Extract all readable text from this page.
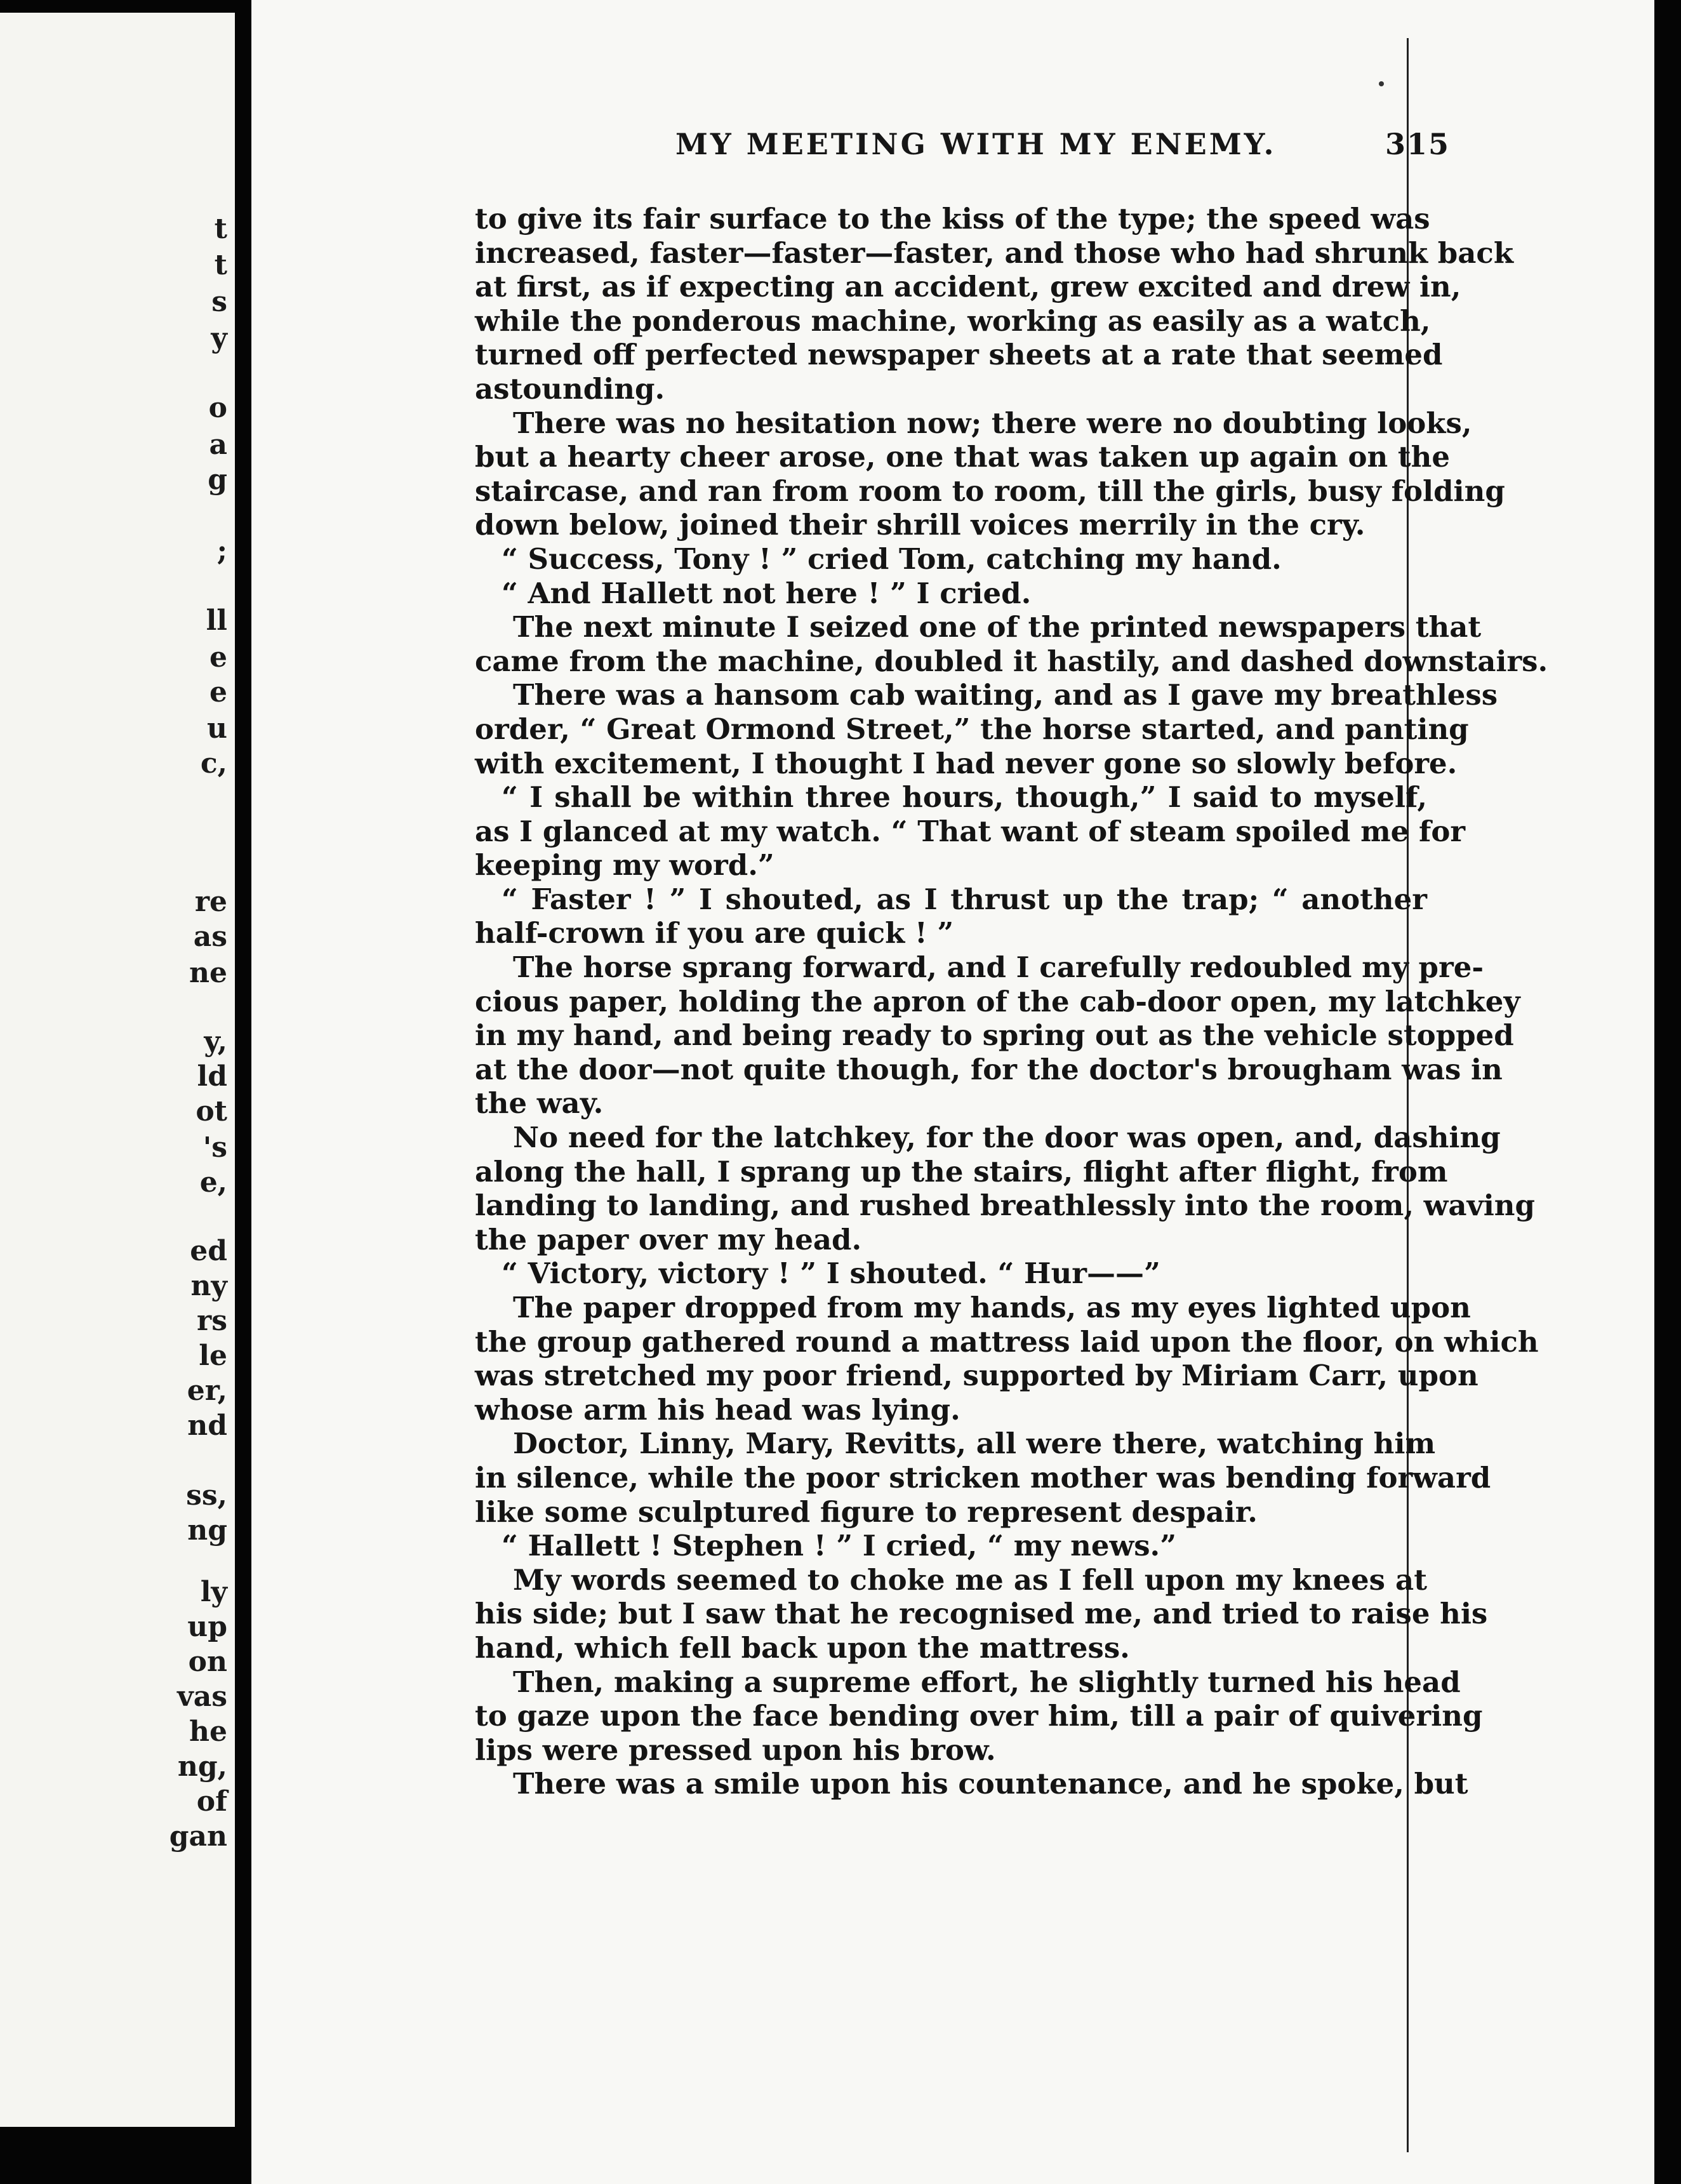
t
t
s
y
o
a
g
;
ll
e
e
u
c,
re
as
ne
y,
ld
ot
's
e,
ed
ny
rs
le
er,
nd
ss,
ng
ly
up
on
vas
he
ng,
of
gan
MY MEETING WITH MY ENEMY.	315
to give its fair surface to the kiss of the type; the speed was
increased, faster—faster—faster, and those who had shrunk back
at first, as if expecting an accident, grew excited and drew in,
while the ponderous machine, working as easily as a watch,
turned off perfected newspaper sheets at a rate that seemed
astounding.
There was no hesitation now; there were no doubting looks,
but a hearty cheer arose, one that was taken up again on the
staircase, and ran from room to room, till the girls, busy folding
down below, joined their shrill voices merrily in the cry.
“ Success, Tony ! ” cried Tom, catching my hand.
“ And Hallett not here ! ” I cried.
The next minute I seized one of the printed newspapers that
came from the machine, doubled it hastily, and dashed downstairs.
There was a hansom cab waiting, and as I gave my breathless
order, “ Great Ormond Street,” the horse started, and panting
with excitement, I thought I had never gone so slowly before.
“ I shall be within three hours, though,” I said to myself,
as I glanced at my watch. “ That want of steam spoiled me for
keeping my word.”
“ Faster ! ” I shouted, as I thrust up the trap; “ another
half-crown if you are quick ! ”
The horse sprang forward, and I carefully redoubled my pre-
cious paper, holding the apron of the cab-door open, my latchkey
in my hand, and being ready to spring out as the vehicle stopped
at the door—not quite though, for the doctor's brougham was in
the way.
No need for the latchkey, for the door was open, and, dashing
along the hall, I sprang up the stairs, flight after flight, from
landing to landing, and rushed breathlessly into the room, waving
the paper over my head.
“ Victory, victory ! ” I shouted. “ Hur——”
The paper dropped from my hands, as my eyes lighted upon
the group gathered round a mattress laid upon the floor, on which
was stretched my poor friend, supported by Miriam Carr, upon
whose arm his head was lying.
Doctor, Linny, Mary, Revitts, all were there, watching him
in silence, while the poor stricken mother was bending forward
like some sculptured figure to represent despair.
“ Hallett ! Stephen ! ” I cried, “ my news.”
My words seemed to choke me as I fell upon my knees at
his side; but I saw that he recognised me, and tried to raise his
hand, which fell back upon the mattress.
Then, making a supreme effort, he slightly turned his head
to gaze upon the face bending over him, till a pair of quivering
lips were pressed upon his brow.
There was a smile upon his countenance, and he spoke, but
